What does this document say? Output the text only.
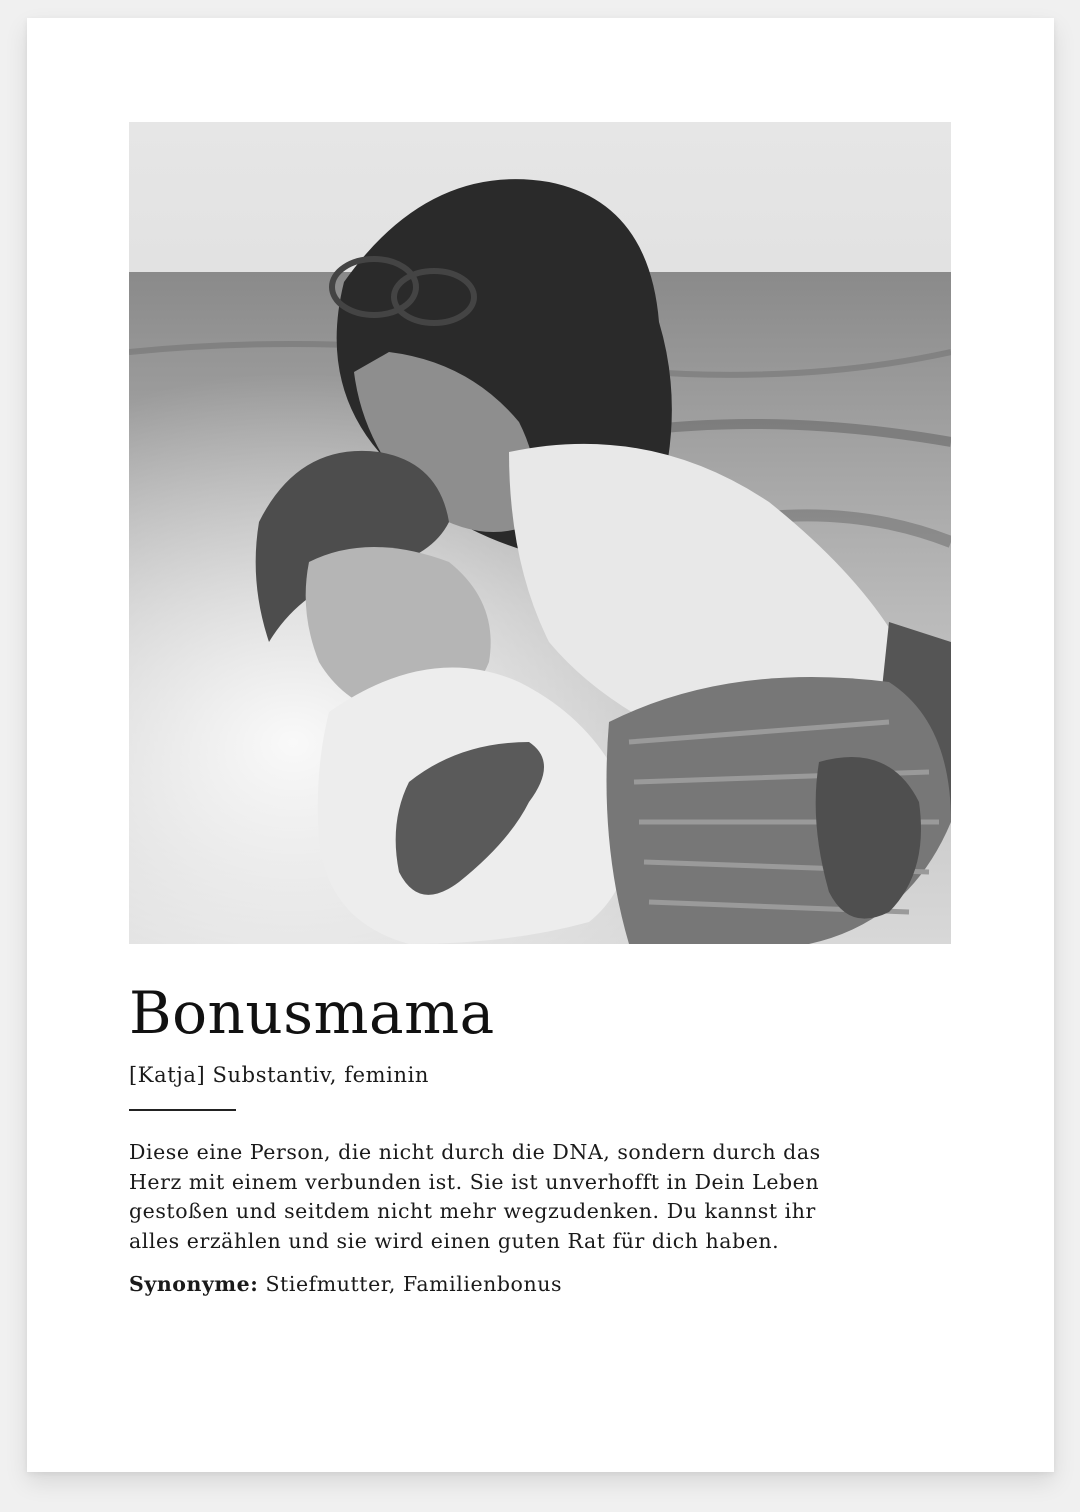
Bonusmama
[Katja] Substantiv, feminin

Diese eine Person, die nicht durch die DNA, sondern durch das
Herz mit einem verbunden ist. Sie ist unverhofft in Dein Leben
gestoßen und seitdem nicht mehr wegzudenken. Du kannst ihr
alles erzählen und sie wird einen guten Rat für dich haben.

Synonyme: Stiefmutter, Familienbonus
